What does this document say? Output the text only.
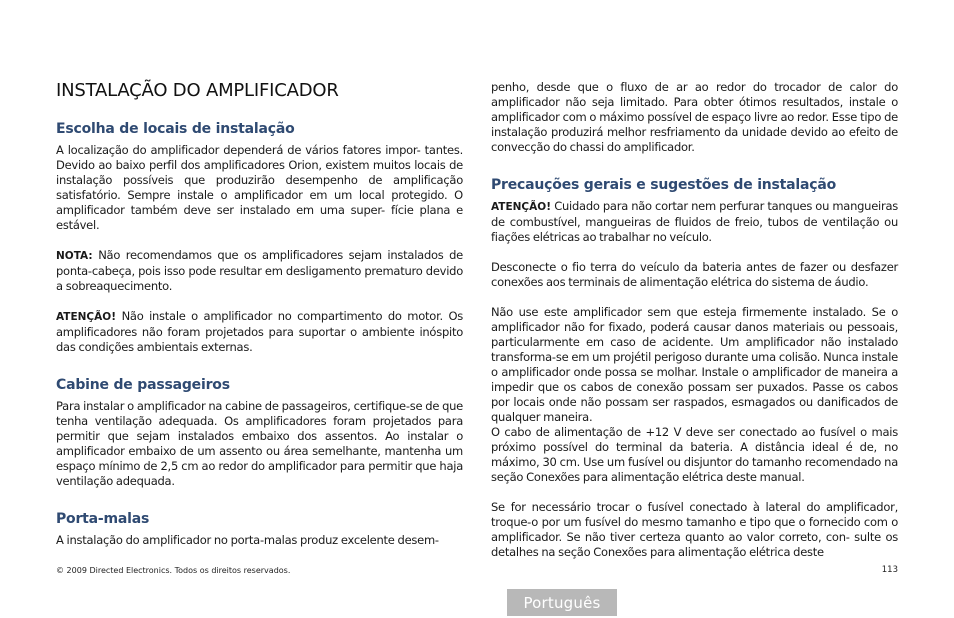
INSTALAÇÃO DO AMPLIFICADOR
Escolha de locais de instalação

A localização do amplificador dependerá de vários fatores impor- tantes. Devido ao baixo perfil dos amplificadores Orion, existem muitos locais de instalação possíveis que produzirão desempenho de amplificação satisfatório. Sempre instale o amplificador em um local protegido. O amplificador também deve ser instalado em uma super- fície plana e estável.

NOTA: Não recomendamos que os amplificadores sejam instalados de ponta-cabeça, pois isso pode resultar em desligamento prematuro devido a sobreaquecimento.

ATENÇÃO! Não instale o amplificador no compartimento do motor. Os amplificadores não foram projetados para suportar o ambiente inóspito das condições ambientais externas.

Cabine de passageiros

Para instalar o amplificador na cabine de passageiros, certifique-se de que tenha ventilação adequada. Os amplificadores foram projetados para permitir que sejam instalados embaixo dos assentos. Ao instalar o amplificador embaixo de um assento ou área semelhante, mantenha um espaço mínimo de 2,5 cm ao redor do amplificador para permitir que haja ventilação adequada.

Porta-malas

A instalação do amplificador no porta-malas produz excelente desem-

penho, desde que o fluxo de ar ao redor do trocador de calor do amplificador não seja limitado. Para obter ótimos resultados, instale o amplificador com o máximo possível de espaço livre ao redor. Esse tipo de instalação produzirá melhor resfriamento da unidade devido ao efeito de convecção do chassi do amplificador.

Precauções gerais e sugestões de instalação

ATENÇÃO! Cuidado para não cortar nem perfurar tanques ou mangueiras de combustível, mangueiras de fluidos de freio, tubos de ventilação ou fiações elétricas ao trabalhar no veículo.

Desconecte o fio terra do veículo da bateria antes de fazer ou desfazer conexões aos terminais de alimentação elétrica do sistema de áudio.

Não use este amplificador sem que esteja firmemente instalado. Se o amplificador não for fixado, poderá causar danos materiais ou pessoais, particularmente em caso de acidente. Um amplificador não instalado transforma-se em um projétil perigoso durante uma colisão. Nunca instale o amplificador onde possa se molhar. Instale o amplificador de maneira a impedir que os cabos de conexão possam ser puxados. Passe os cabos por locais onde não possam ser raspados, esmagados ou danificados de qualquer maneira.

O cabo de alimentação de +12 V deve ser conectado ao fusível o mais próximo possível do terminal da bateria. A distância ideal é de, no máximo, 30 cm. Use um fusível ou disjuntor do tamanho recomendado na seção Conexões para alimentação elétrica deste manual.

Se for necessário trocar o fusível conectado à lateral do amplificador, troque-o por um fusível do mesmo tamanho e tipo que o fornecido com o amplificador. Se não tiver certeza quanto ao valor correto, con- sulte os detalhes na seção Conexões para alimentação elétrica deste

© 2009 Directed Electronics. Todos os direitos reservados.	113
Português
